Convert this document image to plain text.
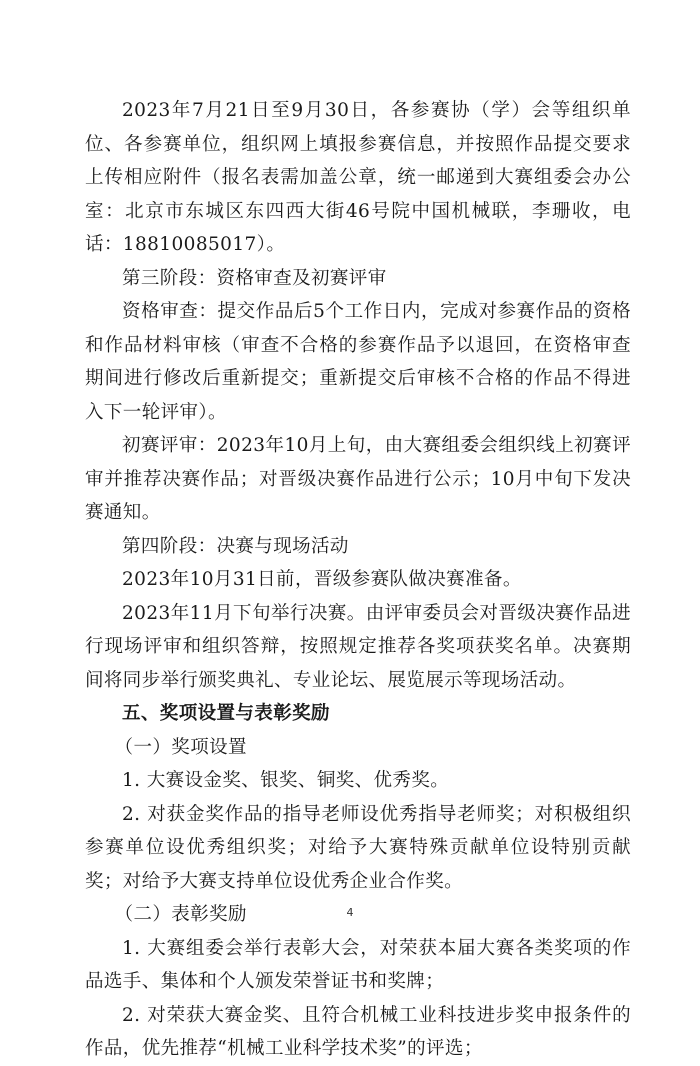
2023年7月21日至9月30日，各参赛协（学）会等组织单位、各参赛单位，组织网上填报参赛信息，并按照作品提交要求上传相应附件（报名表需加盖公章，统一邮递到大赛组委会办公室：北京市东城区东四西大街46号院中国机械联，李珊收，电话：18810085017）。

第三阶段：资格审查及初赛评审

资格审查：提交作品后5个工作日内，完成对参赛作品的资格和作品材料审核（审查不合格的参赛作品予以退回，在资格审查期间进行修改后重新提交；重新提交后审核不合格的作品不得进入下一轮评审）。

初赛评审：2023年10月上旬，由大赛组委会组织线上初赛评审并推荐决赛作品；对晋级决赛作品进行公示；10月中旬下发决赛通知。

第四阶段：决赛与现场活动

2023年10月31日前，晋级参赛队做决赛准备。

2023年11月下旬举行决赛。由评审委员会对晋级决赛作品进行现场评审和组织答辩，按照规定推荐各奖项获奖名单。决赛期间将同步举行颁奖典礼、专业论坛、展览展示等现场活动。

五、奖项设置与表彰奖励

（一）奖项设置

1. 大赛设金奖、银奖、铜奖、优秀奖。

2. 对获金奖作品的指导老师设优秀指导老师奖；对积极组织参赛单位设优秀组织奖；对给予大赛特殊贡献单位设特别贡献奖；对给予大赛支持单位设优秀企业合作奖。

（二）表彰奖励

1. 大赛组委会举行表彰大会，对荣获本届大赛各类奖项的作品选手、集体和个人颁发荣誉证书和奖牌；

2. 对荣获大赛金奖、且符合机械工业科技进步奖申报条件的作品，优先推荐“机械工业科学技术奖”的评选；

4
